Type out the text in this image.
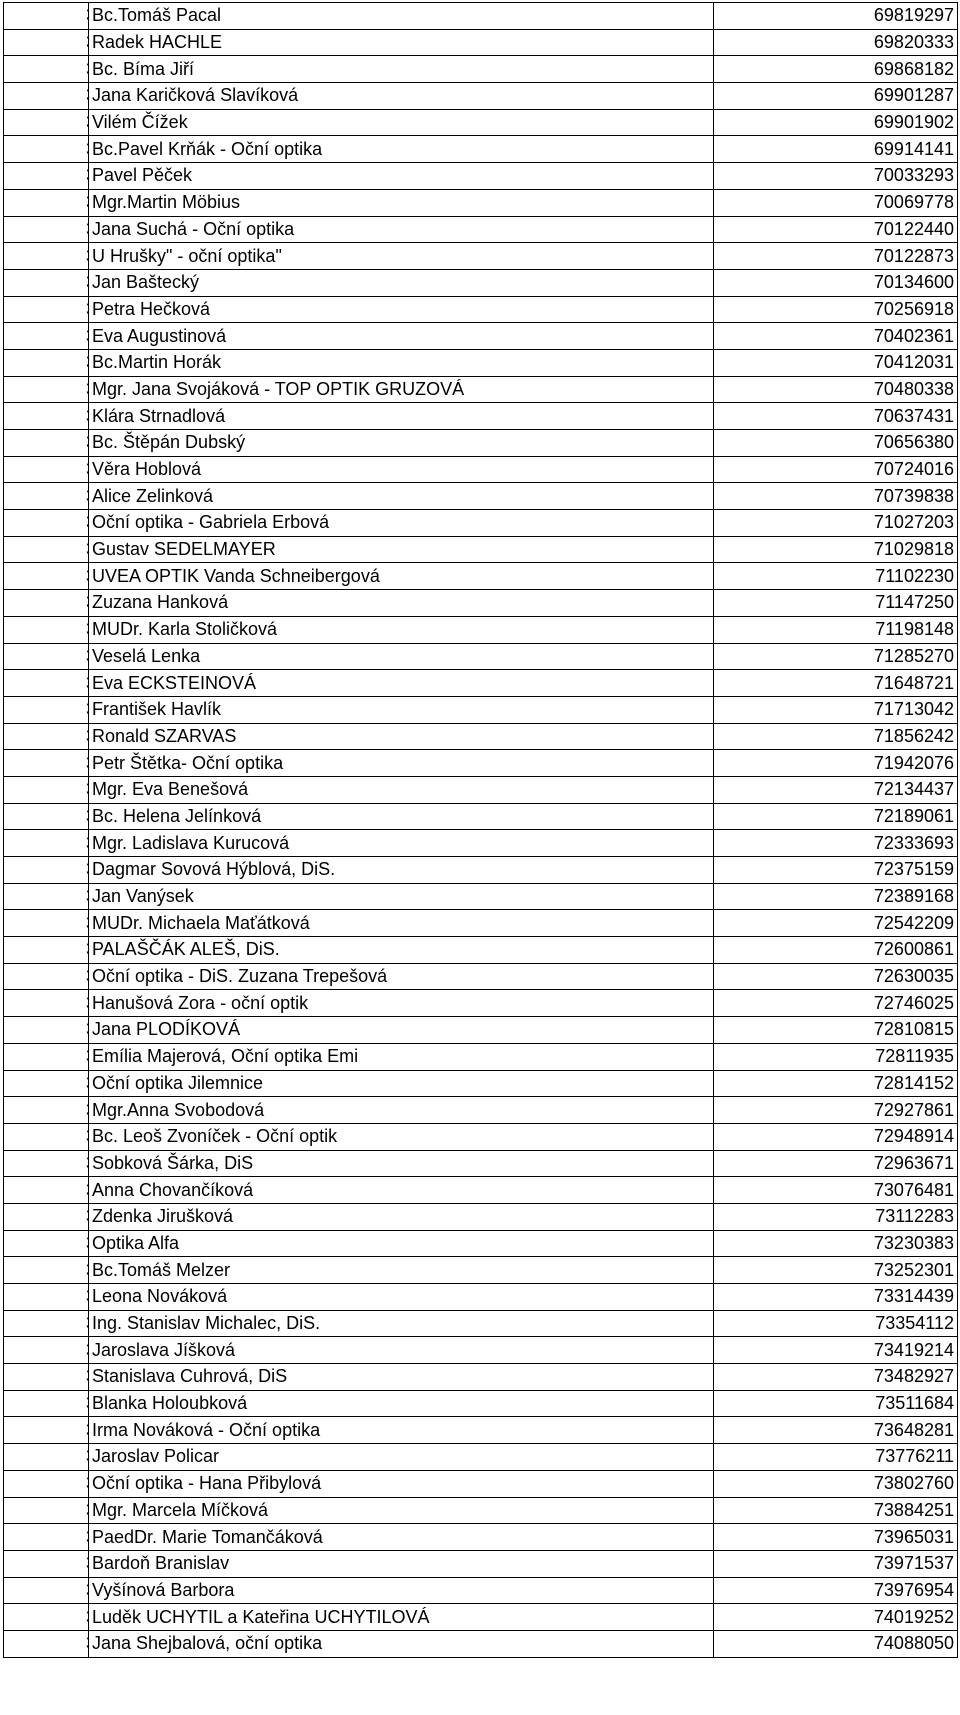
	Bc.Tomáš Pacal	69819297
	Radek HACHLE	69820333
	Bc. Bíma Jiří	69868182
	Jana Karičková Slavíková	69901287
	Vilém Čížek	69901902
	Bc.Pavel Krňák - Oční optika	69914141
	Pavel Pěček	70033293
	Mgr.Martin Möbius	70069778
	Jana Suchá - Oční optika	70122440
	U Hrušky" - oční optika"	70122873
	Jan Baštecký	70134600
	Petra Hečková	70256918
	Eva Augustinová	70402361
	Bc.Martin Horák	70412031
	Mgr. Jana Svojáková - TOP OPTIK GRUZOVÁ	70480338
	Klára Strnadlová	70637431
	Bc. Štěpán Dubský	70656380
	Věra Hoblová	70724016
	Alice Zelinková	70739838
	Oční optika - Gabriela Erbová	71027203
	Gustav SEDELMAYER	71029818
	UVEA OPTIK Vanda Schneibergová	71102230
	Zuzana Hanková	71147250
	MUDr. Karla Stoličková	71198148
	Veselá Lenka	71285270
	Eva ECKSTEINOVÁ	71648721
	František Havlík	71713042
	Ronald SZARVAS	71856242
	Petr Štětka- Oční optika	71942076
	Mgr. Eva Benešová	72134437
	Bc. Helena Jelínková	72189061
	Mgr. Ladislava Kurucová	72333693
	Dagmar Sovová Hýblová, DiS.	72375159
	Jan Vanýsek	72389168
	MUDr. Michaela Maťátková	72542209
	PALAŠČÁK ALEŠ, DiS.	72600861
	Oční optika - DiS. Zuzana Trepešová	72630035
	Hanušová Zora - oční optik	72746025
	Jana PLODÍKOVÁ	72810815
	Emília Majerová, Oční optika Emi	72811935
	Oční optika Jilemnice	72814152
	Mgr.Anna Svobodová	72927861
	Bc. Leoš Zvoníček - Oční optik	72948914
	Sobková Šárka, DiS	72963671
	Anna Chovančíková	73076481
	Zdenka Jirušková	73112283
	Optika Alfa	73230383
	Bc.Tomáš Melzer	73252301
	Leona Nováková	73314439
	Ing. Stanislav Michalec, DiS.	73354112
	Jaroslava Jíšková	73419214
	Stanislava Cuhrová, DiS	73482927
	Blanka Holoubková	73511684
	Irma Nováková - Oční optika	73648281
	Jaroslav Policar	73776211
	Oční optika - Hana Přibylová	73802760
	Mgr. Marcela Míčková	73884251
	PaedDr. Marie Tomančáková	73965031
	Bardoň Branislav	73971537
	Vyšínová Barbora	73976954
	Luděk UCHYTIL a Kateřina UCHYTILOVÁ	74019252
	Jana Shejbalová, oční optika	74088050
